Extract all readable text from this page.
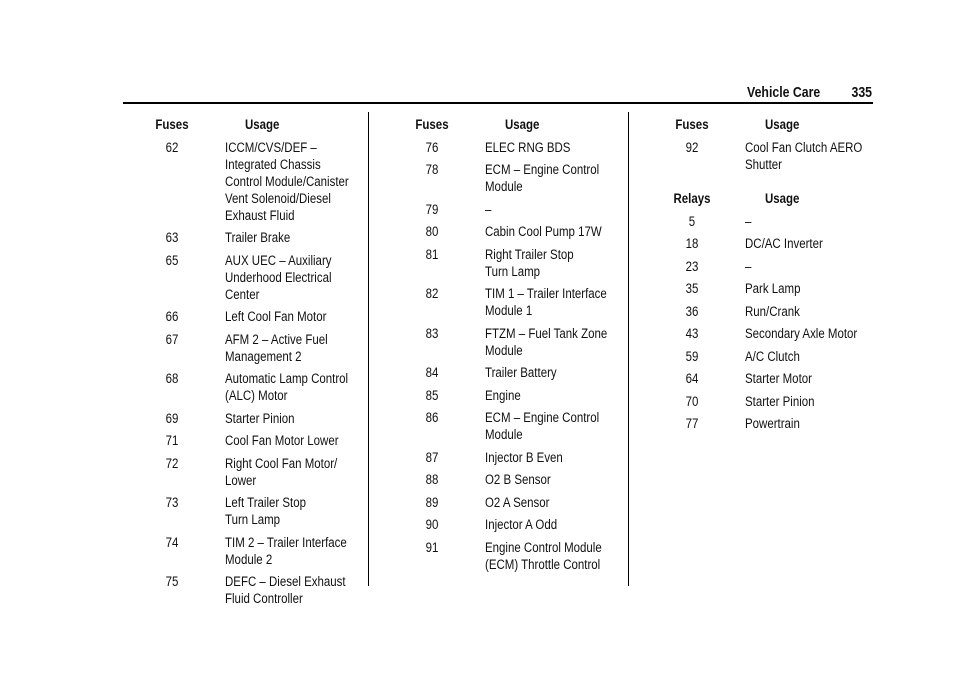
Vehicle Care 335
Fuses	Usage
62	ICCM/CVS/DEF –
Integrated Chassis
Control Module/Canister
Vent Solenoid/Diesel
Exhaust Fluid
63	Trailer Brake
65	AUX UEC – Auxiliary
Underhood Electrical
Center
66	Left Cool Fan Motor
67	AFM 2 – Active Fuel
Management 2
68	Automatic Lamp Control
(ALC) Motor
69	Starter Pinion
71	Cool Fan Motor Lower
72	Right Cool Fan Motor/
Lower
73	Left Trailer Stop
Turn Lamp
74	TIM 2 – Trailer Interface
Module 2
75	DEFC – Diesel Exhaust
Fluid Controller
Fuses	Usage
76	ELEC RNG BDS
78	ECM – Engine Control
Module
79	–
80	Cabin Cool Pump 17W
81	Right Trailer Stop
Turn Lamp
82	TIM 1 – Trailer Interface
Module 1
83	FTZM – Fuel Tank Zone
Module
84	Trailer Battery
85	Engine
86	ECM – Engine Control
Module
87	Injector B Even
88	O2 B Sensor
89	O2 A Sensor
90	Injector A Odd
91	Engine Control Module
(ECM) Throttle Control
Fuses	Usage
92	Cool Fan Clutch AERO
Shutter
Relays	Usage
5	–
18	DC/AC Inverter
23	–
35	Park Lamp
36	Run/Crank
43	Secondary Axle Motor
59	A/C Clutch
64	Starter Motor
70	Starter Pinion
77	Powertrain
